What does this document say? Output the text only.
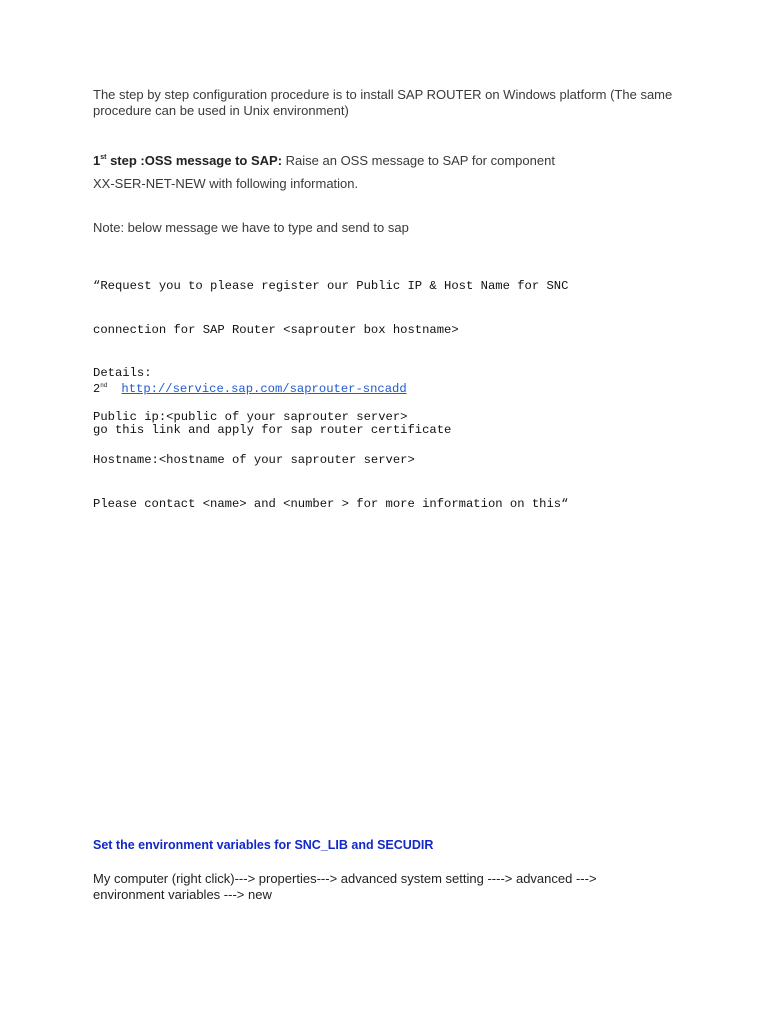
The step by step configuration procedure is to install SAP ROUTER on Windows platform (The same procedure can be used in Unix environment)
1st step :OSS message to SAP: Raise an OSS message to SAP for component
XX-SER-NET-NEW with following information.
Note: below message we have to type and send to sap

“Request you to please register our Public IP & Host Name for SNC

connection for SAP Router <saprouter box hostname>

Details:

Public ip:<public of your saprouter server>

Hostname:<hostname of your saprouter server>

Please contact <name> and <number > for more information on this“

2nd http://service.sap.com/saprouter-sncadd
go this link and apply for sap router certificate
Set the environment variables for SNC_LIB and SECUDIR
My computer (right click)---> properties---> advanced system setting ----> advanced ---> environment variables ---> new
